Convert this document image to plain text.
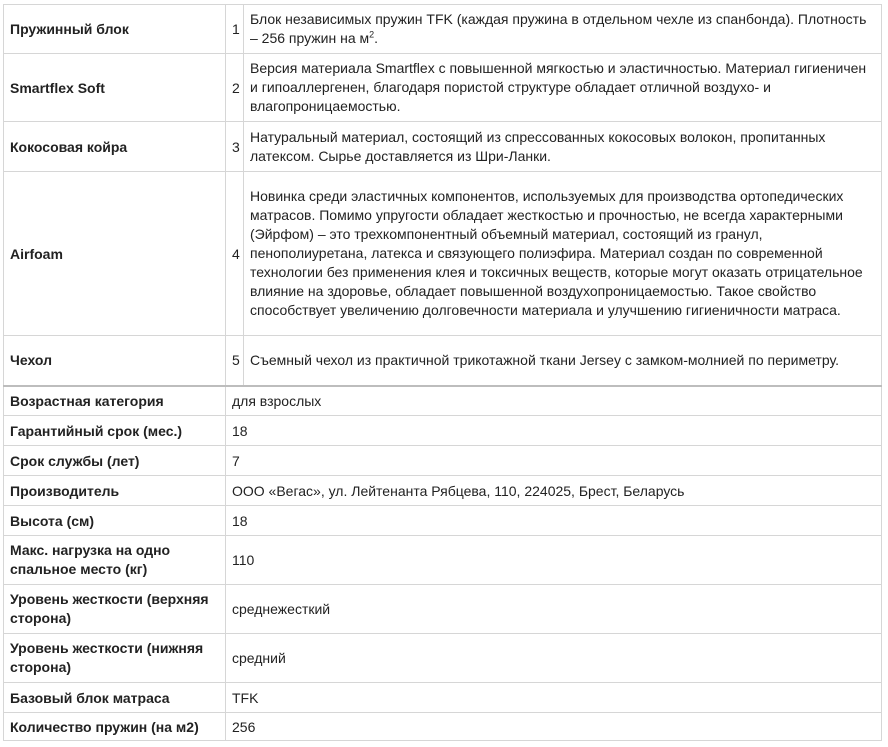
Пружинный блок	1	Блок независимых пружин TFK (каждая пружина в отдельном чехле из спанбонда). Плотность – 256 пружин на $м^2$.
Smartflex Soft	2	Версия материала Smartflex с повышенной мягкостью и эластичностью. Материал гигиеничен и гипоаллергенен, благодаря пористой структуре обладает отличной воздухо- и влагопроницаемостью.
Кокосовая койра	3	Натуральный материал, состоящий из спрессованных кокосовых волокон, пропитанных латексом. Сырье доставляется из Шри-Ланки.
Airfoam	4	Новинка среди эластичных компонентов, используемых для производства ортопедических матрасов. Помимо упругости обладает жесткостью и прочностью, не всегда характерными (Эйрфом) – это трехкомпонентный объемный материал, состоящий из гранул, пенополиуретана, латекса и связующего полиэфира. Материал создан по современной технологии без применения клея и токсичных веществ, которые могут оказать отрицательное влияние на здоровье, обладает повышенной воздухопроницаемостью. Такое свойство способствует увеличению долговечности материала и улучшению гигиеничности матраса.
Чехол	5	Съемный чехол из практичной трикотажной ткани Jersey с замком-молнией по периметру.
Возрастная категория	для взрослых	
Гарантийный срок (мес.)	18	
Срок службы (лет)	7	
Производитель	ООО «Вегас», ул. Лейтенанта Рябцева, 110, 224025, Брест, Беларусь	
Высота (см)	18	
Макс. нагрузка на одно спальное место (кг)	110	
Уровень жесткости (верхняя сторона)	среднежесткий	
Уровень жесткости (нижняя сторона)	средний	
Базовый блок матраса	TFK	
Количество пружин (на м2)	256	
